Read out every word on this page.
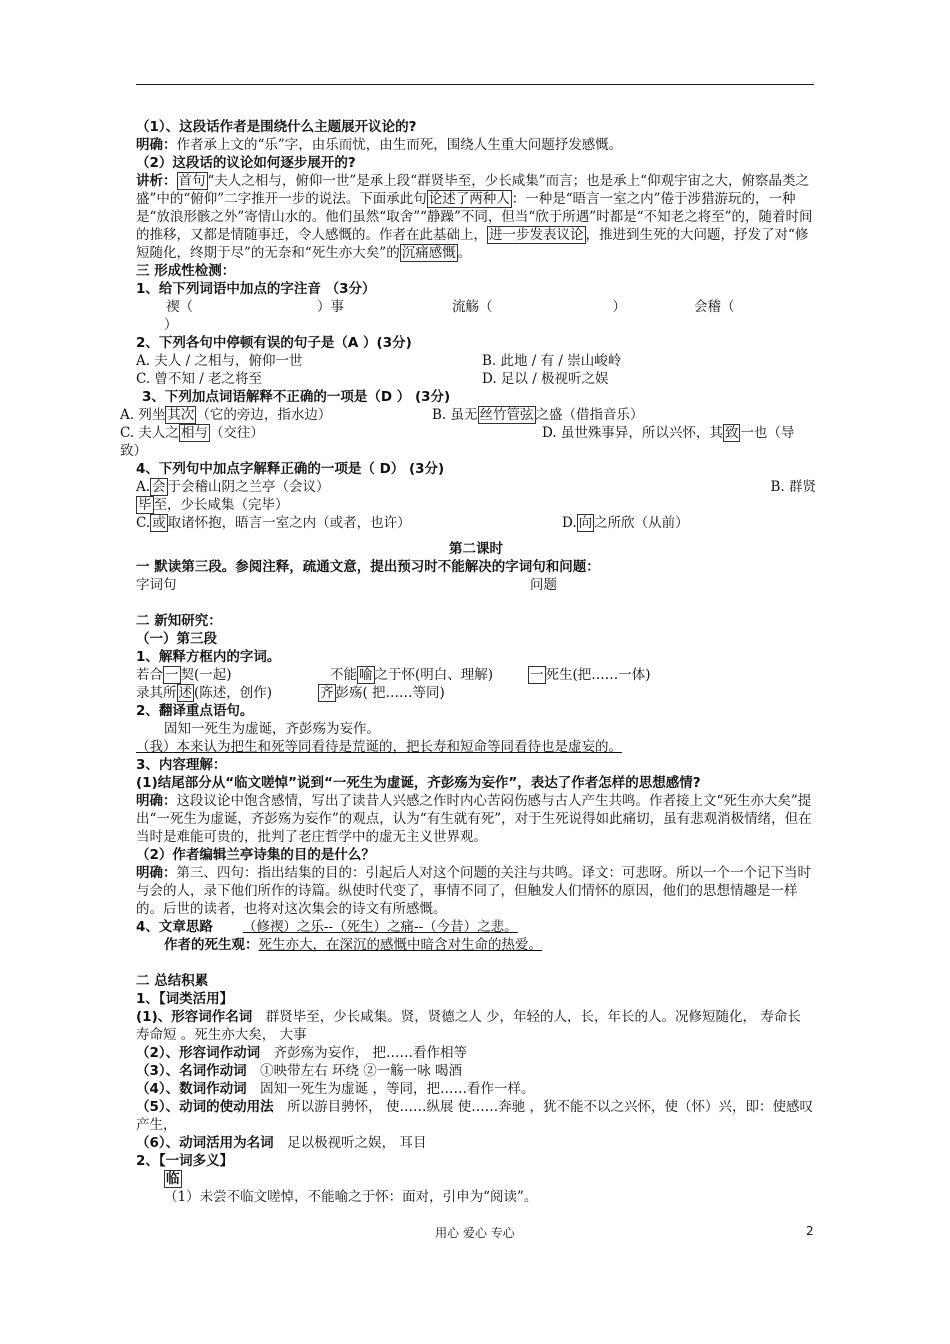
（1）、这段话作者是围绕什么主题展开议论的?

明确：作者承上文的“乐”字，由乐而忧，由生而死，围绕人生重大问题抒发感慨。

（2）这段话的议论如何逐步展开的?

讲析： 首句 “夫人之相与，俯仰一世”是承上段“群贤毕至，少长咸集”而言；也是承上“仰观宇宙之大，俯察晶类之盛”中的“俯仰”二字推开一步的说法。下面承此句 论述了两种人 ：一种是“晤言一室之内”倦于涉猎游玩的，一种是“放浪形骸之外”寄情山水的。他们虽然“取舍”“静躁”不同，但当“欣于所遇”时都是“不知老之将至”的，随着时间的推移，又都是情随事迁，令人感慨的。作者在此基础上， 进一步发表议论 ，推进到生死的大问题，抒发了对“修短随化，终期于尽”的无奈和“死生亦大矣”的 沉痛感慨 。

三 形成性检测：

1、给下列词语中加点的字注音 （3分）

禊（	）事	流觞（	）	会稽（

）

2、下列各句中停顿有误的句子是（A ）(3分)

A. 夫人 / 之相与，俯仰一世	B. 此地 / 有 / 崇山峻岭
C. 曾不知 / 老之将至	D. 足以 / 极视听之娱

3、下列加点词语解释不正确的一项是（D ） (3分)

A. 列坐 其次 （它的旁边，指水边）	B. 虽无 丝竹管弦 之盛（借指音乐）
C. 夫人之 相与 （交往）	D. 虽世殊事异，所以兴怀，其 致 一也（导

致）

4、下列句中加点字解释正确的一项是（ D） (3分)

A. 会 于会稽山阴之兰亭（会议）	B. 群贤

毕 至，少长咸集（完毕）

C. 或 取诸怀抱，晤言一室之内（或者，也许）	D. 向 之所欣（从前）

第二课时

一 默读第三段。参阅注释，疏通文意，提出预习时不能解决的字词句和问题：

字词句	问题

二 新知研究：

（一）第三段

1、解释方框内的字词。

若合 一 契(一起)	不能 喻 之于怀(明白、理解)	一 死生(把……一体)
录其所 述 (陈述，创作)	齐 彭殇( 把……等同)

2、翻译重点语句。

固知一死生为虚诞，齐彭殇为妄作。

（我）本来认为把生和死等同看待是荒诞的，把长寿和短命等同看待也是虚妄的。

3、内容理解：

(1)结尾部分从“临文嗟悼”说到“一死生为虚诞，齐彭殇为妄作”，表达了作者怎样的思想感情?

明确：这段议论中饱含感情，写出了读昔人兴感之作时内心苦闷伤感与古人产生共鸣。作者接上文“死生亦大矣”提出“一死生为虚诞，齐彭殇为妄作”的观点，认为“有生就有死”，对于生死说得如此痛切，虽有悲观消极情绪，但在当时是难能可贵的，批判了老庄哲学中的虚无主义世界观。

（2）作者编辑兰亭诗集的目的是什么？

明确：第三、四句：指出结集的目的：引起后人对这个问题的关注与共鸣。译文：可悲呀。所以一个一个记下当时与会的人，录下他们所作的诗篇。纵使时代变了，事情不同了，但触发人们情怀的原因，他们的思想情趣是一样的。后世的读者，也将对这次集会的诗文有所感慨。

4、文章思路 （修禊）之乐--（死生）之痛--（今昔）之悲。

作者的死生观：死生亦大，在深沉的感慨中暗含对生命的热爱。

二 总结积累

1、【词类活用】

(1)、形容词作名词　 群贤毕至，少长咸集。贤，贤德之人 少，年轻的人，长，年长的人。况修短随化， 寿命长 寿命短 。死生亦大矣， 大事

（2）、形容词作动词　 齐彭殇为妄作， 把……看作相等

（3）、名词作动词　 ①映带左右 环绕 ②一觞一咏 喝酒

（4）、数词作动词　 固知一死生为虚诞 ，等同，把……看作一样。

（5）、动词的使动用法　 所以游目骋怀， 使……纵展 使……奔驰 ，犹不能不以之兴怀，使（怀）兴，即：使感叹产生，

（6）、动词活用为名词　 足以极视听之娱， 耳目

2、【一词多义】

临

（1）未尝不临文嗟悼，不能喻之于怀：面对，引申为“阅读”。

用心 爱心 专心	2
